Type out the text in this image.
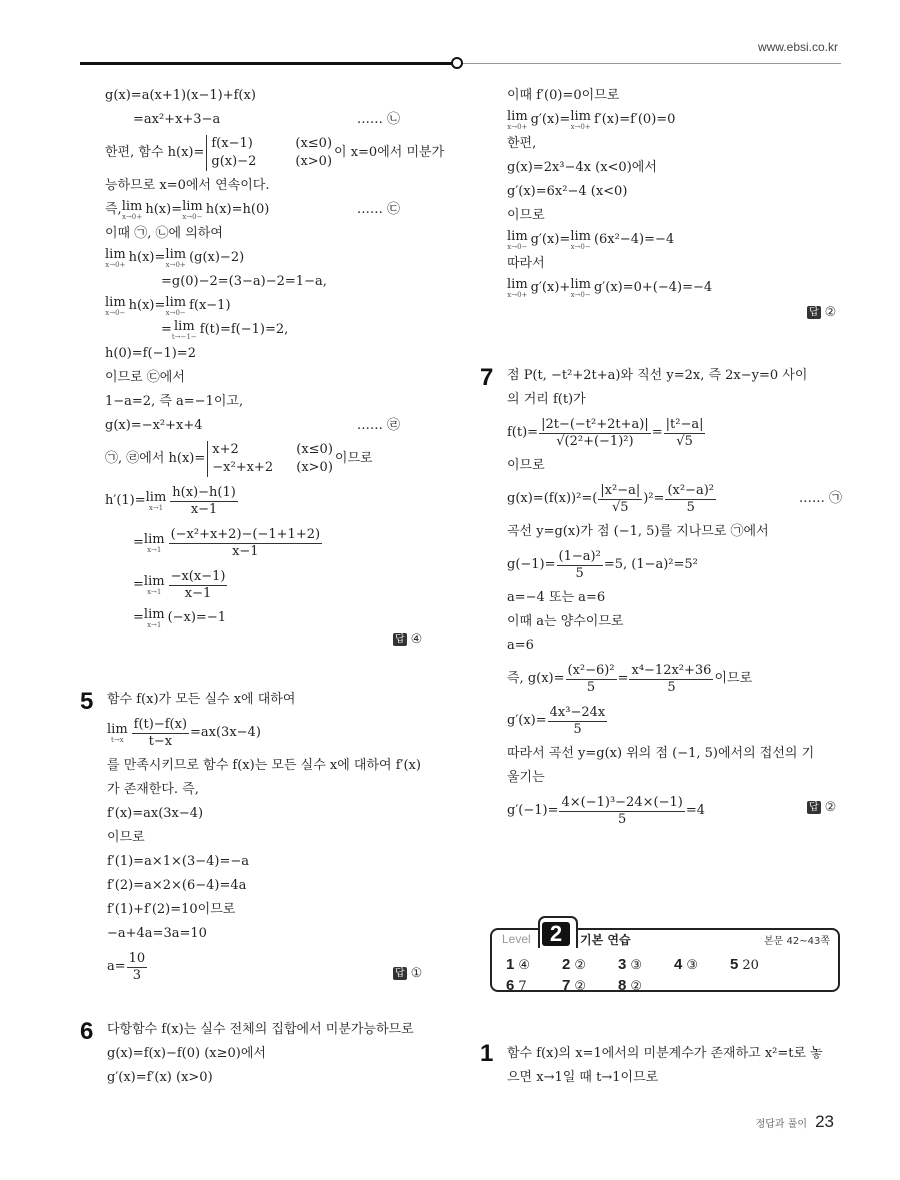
www.ebsi.co.kr
g(x)=a(x+1)(x−1)+f(x)
=ax²+x+3−a	…… ㉡
한편, 함수 h(x)=
f(x−1)	(x≤0)
g(x)−2	(x>0)
이 x=0에서 미분가
능하므로 x=0에서 연속이다.
즉, lim
x→0+ h(x)= lim
x→0− h(x)=h(0)	…… ㉢
이때 ㉠, ㉡에 의하여
lim
x→0+ h(x)= lim
x→0+ (g(x)−2)
=g(0)−2=(3−a)−2=1−a,
lim
x→0− h(x)= lim
x→0− f(x−1)
= lim
t→−1− f(t)=f(−1)=2,
h(0)=f(−1)=2
이므로 ㉢에서
1−a=2, 즉 a=−1이고,
g(x)=−x²+x+4	…… ㉣
㉠, ㉣에서 h(x)=
x+2	(x≤0)
−x²+x+2	(x>0)
이므로
h′(1)= lim
$x\to 1 \frac{h(x)-h(1)}{x-1}$
= lim
$x\to 1 \frac{\text{(−x²+x+2)−(−1+1+2)}}{x-1}$
= lim
$x\to 1 \frac{-x(x-1)}{x-1}$
= lim
x→1 (−x)=−1
답 ④
5 함수 f(x)가 모든 실수 x에 대하여
lim
$t\to x \frac{f(t)-f(x)}{t-x} =ax(3x-4)$
를 만족시키므로 함수 f(x)는 모든 실수 x에 대하여 f′(x)
가 존재한다. 즉,
f′(x)=ax(3x−4)
이므로
f′(1)=a×1×(3−4)=−a
f′(2)=a×2×(6−4)=4a
f′(1)+f′(2)=10이므로
−a+4a=3a=10
$a= \frac{10}{3}$	답 ①
6 다항함수 f(x)는 실수 전체의 집합에서 미분가능하므로
g(x)=f(x)−f(0) (x≥0)에서
g′(x)=f′(x) (x>0)
이때 f′(0)=0이므로
lim
x→0+ g′(x)= lim
x→0+ f′(x)=f′(0)=0
한편,
g(x)=2x³−4x (x<0)에서
g′(x)=6x²−4 (x<0)
이므로
lim
x→0− g′(x)= lim
x→0− (6x²−4)=−4
따라서
lim
x→0+ g′(x)+ lim
x→0− g′(x)=0+(−4)=−4
답 ②
7 점 P(t, −t²+2t+a)와 직선 y=2x, 즉 2x−y=0 사이
의 거리 f(t)가
$f(t)= \frac{\text{|2t−(−t²+2t+a)|}}{\text{√(2²+(−1)²)}} = \frac{\text{|t²−a|}}{√5}$
이므로
$g(x)=(f(x))^2=( \frac{\text{|x²−a|}}{√5} )^2= \frac{\text{(x²−a)²}}{5}$	…… ㉠
곡선 y=g(x)가 점 (−1, 5)를 지나므로 ㉠에서
$g(-1)= \frac{\text{(1−a)²}}{5} =5$, (1−a)²=5²
a=−4 또는 a=6
이때 a는 양수이므로
a=6
즉, $g(x)= \frac{\text{(x²−6)²}}{5} = \frac{\text{x⁴−12x²+36}}{5}$ 이므로
$g'(x)= \frac{\text{4x³−24x}}{5}$
따라서 곡선 y=g(x) 위의 점 (−1, 5)에서의 접선의 기
울기는
$g'(-1)= \frac{\text{4×(−1)³−24×(−1)}}{5} =4$	답 ②
Level 2	기본 연습	본문 42~43쪽
1 ④	2 ②	3 ③	4 ③	5 20
6 7	7 ②	8 ②
1 함수 f(x)의 x=1에서의 미분계수가 존재하고 x²=t로 놓
으면 x→1일 때 t→1이므로
정답과 풀이 23
